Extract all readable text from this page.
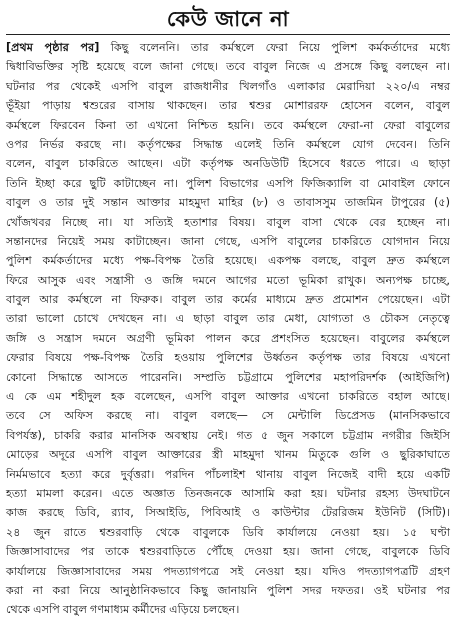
কেউ জানে না
[প্রথম পৃষ্ঠার পর] কিছু বলেননি। তার কর্মস্থলে ফেরা নিয়ে পুলিশ কর্মকর্তাদের মধ্যে
দ্বিধাবিভক্তির সৃষ্টি হয়েছে বলে জানা গেছে। তবে বাবুল নিজে এ প্রসঙ্গে কিছু বলছেন না।
ঘটনার পর থেকেই এসপি বাবুল রাজধানীর খিলগাঁও এলাকার মেরাদিয়া ২২০/এ নম্বর
ভূঁইয়া পাড়ায় শ্বশুরের বাসায় থাকছেন। তার শ্বশুর মোশাররফ হোসেন বলেন, বাবুল
কর্মস্থলে ফিরবেন কিনা তা এখনো নিশ্চিত হয়নি। তবে কর্মস্থলে ফেরা-না ফেরা বাবুলের
ওপর নির্ভর করছে না। কর্তৃপক্ষের সিদ্ধান্ত এলেই তিনি কর্মস্থলে যোগ দেবেন। তিনি
বলেন, বাবুল চাকরিতে আছেন। এটা কর্তৃপক্ষ অনডিউটি হিসেবে ধরতে পারে। এ ছাড়া
তিনি ইচ্ছা করে ছুটি কাটাচ্ছেন না। পুলিশ বিভাগের এসপি ফিজিক্যালি বা মোবাইল ফোনে
বাবুল ও তার দুই সন্তান আক্তার মাহমুদা মাহির (৮) ও তাবাসসুম তাজমিন টাপুরের (৫)
খোঁজখবর নিচ্ছে না। যা সত্যিই হতাশার বিষয়। বাবুল বাসা থেকে বের হচ্ছেন না।
সন্তানদের নিয়েই সময় কাটাচ্ছেন। জানা গেছে, এসপি বাবুলের চাকরিতে যোগদান নিয়ে
পুলিশ কর্মকর্তাদের মধ্যে পক্ষ-বিপক্ষ তৈরি হয়েছে। একপক্ষ বলছে, বাবুল দ্রুত কর্মস্থলে
ফিরে আসুক এবং সন্ত্রাসী ও জঙ্গি দমনে আগের মতো ভূমিকা রাখুক। অন্যপক্ষ চাচ্ছে,
বাবুল আর কর্মস্থলে না ফিরুক। বাবুল তার কর্মের মাধ্যমে দ্রুত প্রমোশন পেয়েছেন। এটা
তারা ভালো চোখে দেখছেন না। এ ছাড়া বাবুল তার মেধা, যোগ্যতা ও চৌকস নেতৃত্বে
জঙ্গি ও সন্ত্রাস দমনে অগ্রণী ভূমিকা পালন করে প্রশংসিত হয়েছেন। বাবুলের কর্মস্থলে
ফেরার বিষয়ে পক্ষ-বিপক্ষ তৈরি হওয়ায় পুলিশের উর্ধ্বতন কর্তৃপক্ষ তার বিষয়ে এখনো
কোনো সিদ্ধান্তে আসতে পারেননি। সম্প্রতি চট্টগ্রামে পুলিশের মহাপরিদর্শক (আইজিপি)
এ কে এম শহীদুল হক বলেছেন, এসপি বাবুল আক্তার এখনো চাকরিতে বহাল আছে।
তবে সে অফিস করছে না। বাবুল বলছে— সে মেন্টালি ডিপ্রেসড (মানসিকভাবে
বিপর্যস্ত), চাকরি করার মানসিক অবস্থায় নেই। গত ৫ জুন সকালে চট্টগ্রাম নগরীর জিইসি
মোড়ের অদূরে এসপি বাবুল আক্তারের স্ত্রী মাহমুদা খানম মিতুকে গুলি ও ছুরিকাঘাতে
নির্মমভাবে হত্যা করে দুর্বৃত্তরা। পরদিন পাঁচলাইশ থানায় বাবুল নিজেই বাদী হয়ে একটি
হত্যা মামলা করেন। এতে অজ্ঞাত তিনজনকে আসামি করা হয়। ঘটনার রহস্য উদঘাটনে
কাজ করছে ডিবি, র‌্যাব, সিআইডি, পিবিআই ও কাউন্টার টেররিজম ইউনিট (সিটি)।
২৪ জুন রাতে শ্বশুরবাড়ি থেকে বাবুলকে ডিবি কার্যালয়ে নেওয়া হয়। ১৫ ঘণ্টা
জিজ্ঞাসাবাদের পর তাকে শ্বশুরবাড়িতে পৌঁছে দেওয়া হয়। জানা গেছে, বাবুলকে ডিবি
কার্যালয়ে জিজ্ঞাসাবাদের সময় পদত্যাগপত্রে সই নেওয়া হয়। যদিও পদত্যাগপত্রটি গ্রহণ
করা না করা নিয়ে আনুষ্ঠানিকভাবে কিছু জানায়নি পুলিশ সদর দফতর। ওই ঘটনার পর
থেকে এসপি বাবুল গণমাধ্যম কর্মীদের এড়িয়ে চলছেন।
